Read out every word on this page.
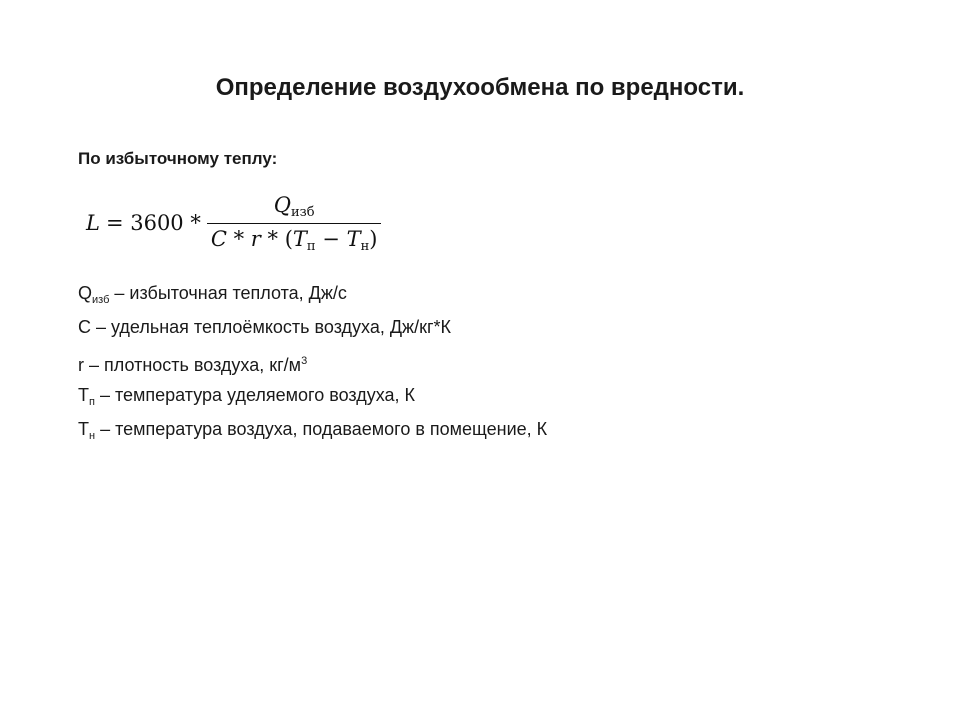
Определение воздухообмена по вредности.
По избыточному теплу:
$L = 3600 * \frac{\text{Qизб}}{C * r * (Tп - Tн)}$
$Q_{изб}$ – избыточная теплота, Дж/с
С – удельная теплоёмкость воздуха, Дж/кг*К
r – плотность воздуха, $кг/м^3$
$Т_п$ – температура уделяемого воздуха, К
$Т_н$ – температура воздуха, подаваемого в помещение, К
